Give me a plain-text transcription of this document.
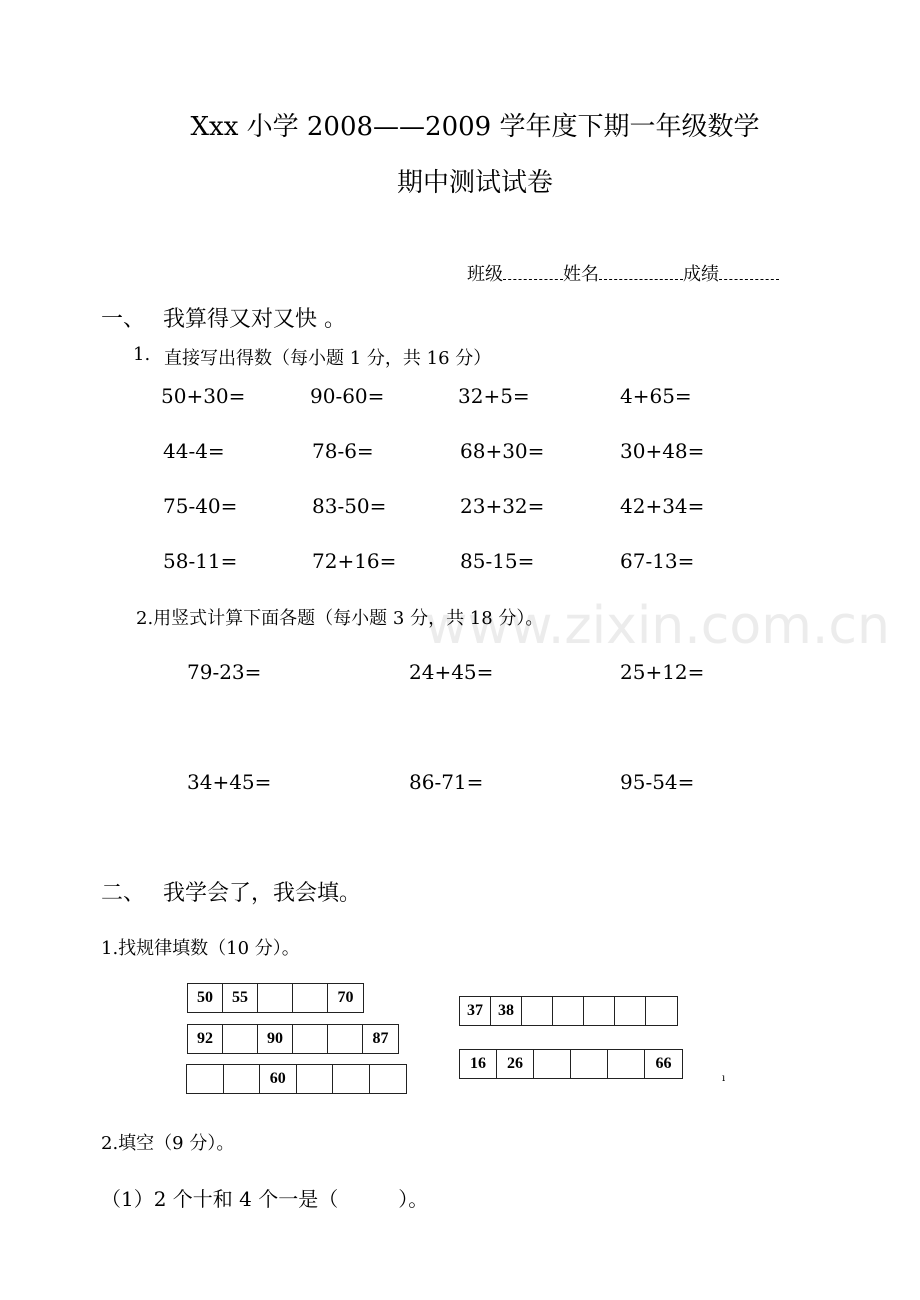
Xxx 小学 2008——2009 学年度下期一年级数学
期中测试试卷
班级	姓名	成绩
一、 我算得又对又快 。
1. 直接写出得数（每小题 1 分，共 16 分）
50+30=	90-60=	32+5=	4+65=
44-4=	78-6=	68+30=	30+48=
75-40=	83-50=	23+32=	42+34=
58-11=	72+16=	85-15=	67-13=
www.zixin.com.cn
2.用竖式计算下面各题（每小题 3 分，共 18 分）。
79-23=	24+45=	25+12=
34+45=	86-71=	95-54=
二、 我学会了，我会填。
1.找规律填数（10 分）。
50	55	70
92	90	87
60
37 38
16	26	66
ı
2.填空（9 分）。
（1）2 个十和 4 个一是（　　　）。
